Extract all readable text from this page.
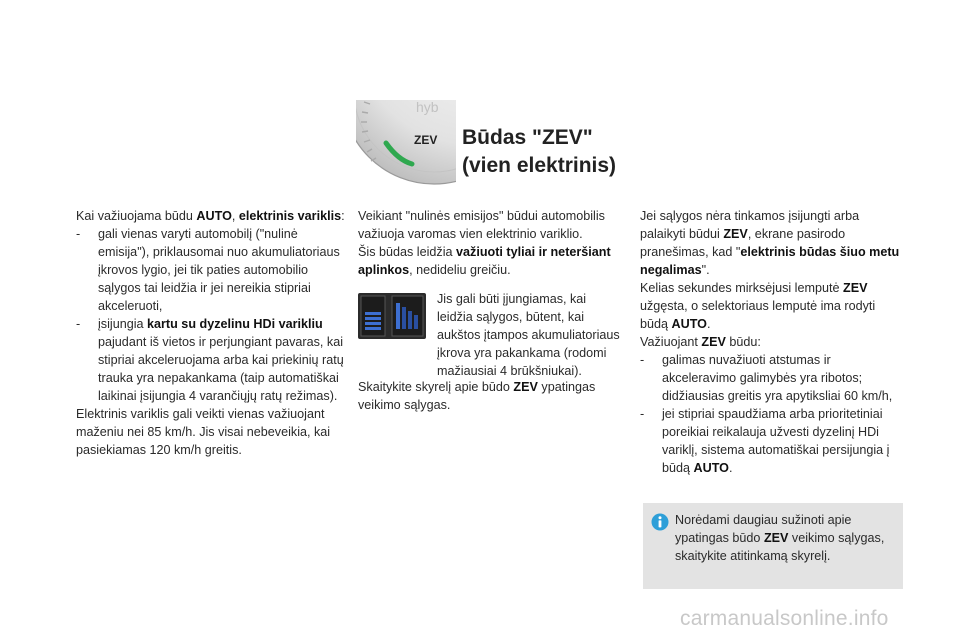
ZEV
hyb
Būdas "ZEV"
(vien elektrinis)
Kai važiuojama būdu AUTO, elektrinis variklis:
- gali vienas varyti automobilį ("nulinė emisija"), priklausomai nuo akumuliatoriaus įkrovos lygio, jei tik paties automobilio sąlygos tai leidžia ir jei nereikia stipriai akceleruoti,
- įsijungia kartu su dyzelinu HDi varikliu pajudant iš vietos ir perjungiant pavaras, kai stipriai akceleruojama arba kai priekinių ratų trauka yra nepakankama (taip automatiškai laikinai įsijungia 4 varančiųjų ratų režimas).
Elektrinis variklis gali veikti vienas važiuojant maženiu nei 85 km/h. Jis visai nebeveikia, kai pasiekiamas 120 km/h greitis.
Veikiant "nulinės emisijos" būdui automobilis važiuoja varomas vien elektrinio variklio.
Šis būdas leidžia važiuoti tyliai ir neteršiant aplinkos, nedideliu greičiu.
Jis gali būti įjungiamas, kai leidžia sąlygos, būtent, kai aukštos įtampos akumuliatoriaus įkrova yra pakankama (rodomi mažiausiai 4 brūkšniukai).
Skaitykite skyrelį apie būdo ZEV ypatingas veikimo sąlygas.
Jei sąlygos nėra tinkamos įsijungti arba palaikyti būdui ZEV, ekrane pasirodo pranešimas, kad "elektrinis būdas šiuo metu negalimas".
Kelias sekundes mirksėjusi lemputė ZEV užgęsta, o selektoriaus lemputė ima rodyti būdą AUTO.
Važiuojant ZEV būdu:
- galimas nuvažiuoti atstumas ir akceleravimo galimybės yra ribotos; didžiausias greitis yra apytiksliai 60 km/h,
- jei stipriai spaudžiama arba prioritetiniai poreikiai reikalauja užvesti dyzelinį HDi variklį, sistema automatiškai persijungia į būdą AUTO.
Norėdami daugiau sužinoti apie ypatingas būdo ZEV veikimo sąlygas, skaitykite atitinkamą skyrelį.
carmanualsonline.info
